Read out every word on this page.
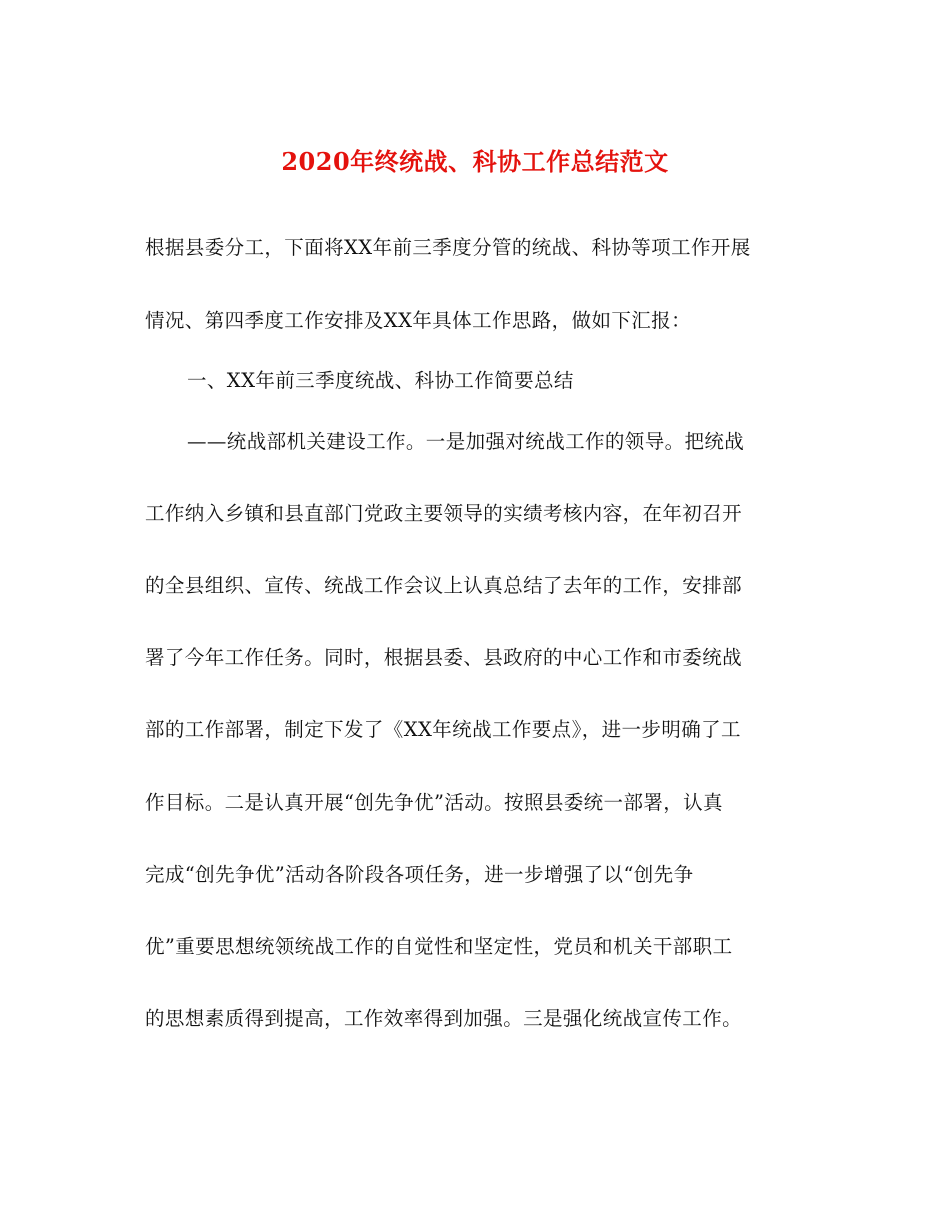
2020年终统战、科协工作总结范文
根据县委分工，下面将XX年前三季度分管的统战、科协等项工作开展
情况、第四季度工作安排及XX年具体工作思路，做如下汇报：
一、XX年前三季度统战、科协工作简要总结
——统战部机关建设工作。一是加强对统战工作的领导。把统战
工作纳入乡镇和县直部门党政主要领导的实绩考核内容，在年初召开
的全县组织、宣传、统战工作会议上认真总结了去年的工作，安排部
署了今年工作任务。同时，根据县委、县政府的中心工作和市委统战
部的工作部署，制定下发了《XX年统战工作要点》，进一步明确了工
作目标。二是认真开展“创先争优”活动。按照县委统一部署，认真
完成“创先争优”活动各阶段各项任务，进一步增强了以“创先争
优”重要思想统领统战工作的自觉性和坚定性，党员和机关干部职工
的思想素质得到提高，工作效率得到加强。三是强化统战宣传工作。
